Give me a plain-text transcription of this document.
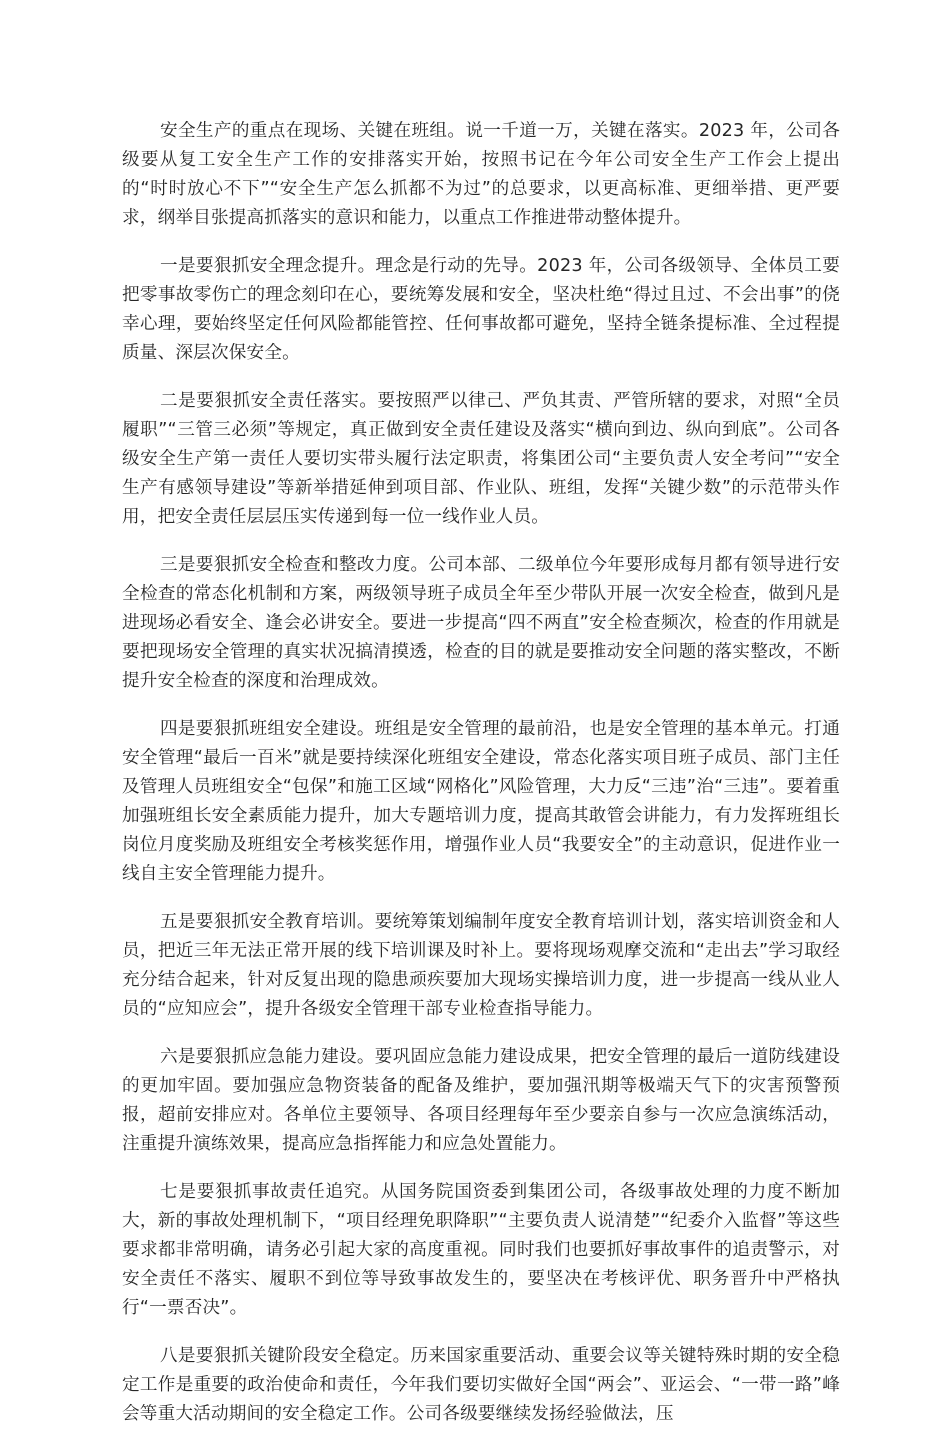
安全生产的重点在现场、关键在班组。说一千道一万，关键在落实。2023 年，公司各级要从复工安全生产工作的安排落实开始，按照书记在今年公司安全生产工作会上提出的“时时放心不下”“安全生产怎么抓都不为过”的总要求，以更高标准、更细举措、更严要求，纲举目张提高抓落实的意识和能力，以重点工作推进带动整体提升。

一是要狠抓安全理念提升。理念是行动的先导。2023 年，公司各级领导、全体员工要把零事故零伤亡的理念刻印在心，要统筹发展和安全，坚决杜绝“得过且过、不会出事”的侥幸心理，要始终坚定任何风险都能管控、任何事故都可避免，坚持全链条提标准、全过程提质量、深层次保安全。

二是要狠抓安全责任落实。要按照严以律己、严负其责、严管所辖的要求，对照“全员履职”“三管三必须”等规定，真正做到安全责任建设及落实“横向到边、纵向到底”。公司各级安全生产第一责任人要切实带头履行法定职责，将集团公司“主要负责人安全考问”“安全生产有感领导建设”等新举措延伸到项目部、作业队、班组，发挥“关键少数”的示范带头作用，把安全责任层层压实传递到每一位一线作业人员。

三是要狠抓安全检查和整改力度。公司本部、二级单位今年要形成每月都有领导进行安全检查的常态化机制和方案，两级领导班子成员全年至少带队开展一次安全检查，做到凡是进现场必看安全、逢会必讲安全。要进一步提高“四不两直”安全检查频次，检查的作用就是要把现场安全管理的真实状况搞清摸透，检查的目的就是要推动安全问题的落实整改，不断提升安全检查的深度和治理成效。

四是要狠抓班组安全建设。班组是安全管理的最前沿，也是安全管理的基本单元。打通安全管理“最后一百米”就是要持续深化班组安全建设，常态化落实项目班子成员、部门主任及管理人员班组安全“包保”和施工区域“网格化”风险管理，大力反“三违”治“三违”。要着重加强班组长安全素质能力提升，加大专题培训力度，提高其敢管会讲能力，有力发挥班组长岗位月度奖励及班组安全考核奖惩作用，增强作业人员“我要安全”的主动意识，促进作业一线自主安全管理能力提升。

五是要狠抓安全教育培训。要统筹策划编制年度安全教育培训计划，落实培训资金和人员，把近三年无法正常开展的线下培训课及时补上。要将现场观摩交流和“走出去”学习取经充分结合起来，针对反复出现的隐患顽疾要加大现场实操培训力度，进一步提高一线从业人员的“应知应会”，提升各级安全管理干部专业检查指导能力。

六是要狠抓应急能力建设。要巩固应急能力建设成果，把安全管理的最后一道防线建设的更加牢固。要加强应急物资装备的配备及维护，要加强汛期等极端天气下的灾害预警预报，超前安排应对。各单位主要领导、各项目经理每年至少要亲自参与一次应急演练活动，注重提升演练效果，提高应急指挥能力和应急处置能力。

七是要狠抓事故责任追究。从国务院国资委到集团公司，各级事故处理的力度不断加大，新的事故处理机制下，“项目经理免职降职”“主要负责人说清楚”“纪委介入监督”等这些要求都非常明确，请务必引起大家的高度重视。同时我们也要抓好事故事件的追责警示，对安全责任不落实、履职不到位等导致事故发生的，要坚决在考核评优、职务晋升中严格执行“一票否决”。

八是要狠抓关键阶段安全稳定。历来国家重要活动、重要会议等关键特殊时期的安全稳定工作是重要的政治使命和责任，今年我们要切实做好全国“两会”、亚运会、“一带一路”峰会等重大活动期间的安全稳定工作。公司各级要继续发扬经验做法，压
